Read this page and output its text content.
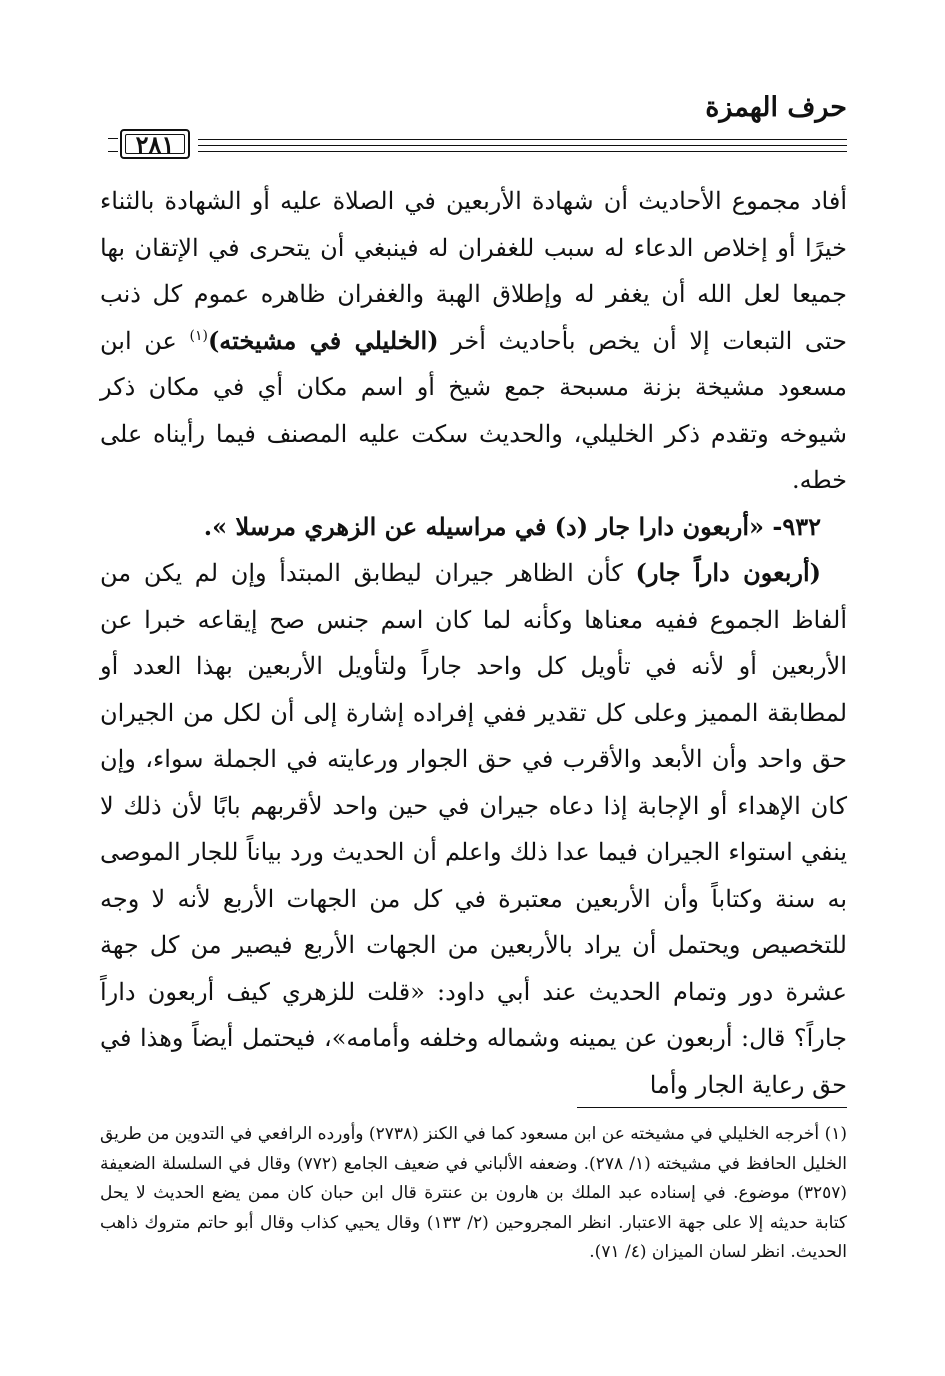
حرف الهمزة
٢٨١

أفاد مجموع الأحاديث أن شهادة الأربعين في الصلاة عليه أو الشهادة بالثناء خيرًا أو إخلاص الدعاء له سبب للغفران له فينبغي أن يتحرى في الإتقان بها جميعا لعل الله أن يغفر له وإطلاق الهبة والغفران ظاهره عموم كل ذنب حتى التبعات إلا أن يخص بأحاديث أخر (الخليلي في مشيخته)$^{(١)}$ عن ابن مسعود مشيخة بزنة مسبحة جمع شيخ أو اسم مكان أي في مكان ذكر شيوخه وتقدم ذكر الخليلي، والحديث سكت عليه المصنف فيما رأيناه على خطه.

٩٣٢- «أربعون دارا جار (د) في مراسيله عن الزهري مرسلا ».

(أربعون داراً جار) كأن الظاهر جيران ليطابق المبتدأ وإن لم يكن من ألفاظ الجموع ففيه معناها وكأنه لما كان اسم جنس صح إيقاعه خبرا عن الأربعين أو لأنه في تأويل كل واحد جاراً ولتأويل الأربعين بهذا العدد أو لمطابقة المميز وعلى كل تقدير ففي إفراده إشارة إلى أن لكل من الجيران حق واحد وأن الأبعد والأقرب في حق الجوار ورعايته في الجملة سواء، وإن كان الإهداء أو الإجابة إذا دعاه جيران في حين واحد لأقربهم بابًا لأن ذلك لا ينفي استواء الجيران فيما عدا ذلك واعلم أن الحديث ورد بياناً للجار الموصى به سنة وكتاباً وأن الأربعين معتبرة في كل من الجهات الأربع لأنه لا وجه للتخصيص ويحتمل أن يراد بالأربعين من الجهات الأربع فيصير من كل جهة عشرة دور وتمام الحديث عند أبي داود: «قلت للزهري كيف أربعون داراً جاراً؟ قال: أربعون عن يمينه وشماله وخلفه وأمامه»، فيحتمل أيضاً وهذا في حق رعاية الجار وأما

(١) أخرجه الخليلي في مشيخته عن ابن مسعود كما في الكنز (٢٧٣٨) وأورده الرافعي في التدوين من طريق الخليل الحافظ في مشيخته (١/ ٢٧٨). وضعفه الألباني في ضعيف الجامع (٧٧٢) وقال في السلسلة الضعيفة (٣٢٥٧) موضوع. في إسناده عبد الملك بن هارون بن عنترة قال ابن حبان كان ممن يضع الحديث لا يحل كتابة حديثه إلا على جهة الاعتبار. انظر المجروحين (٢/ ١٣٣) وقال يحيي كذاب وقال أبو حاتم متروك ذاهب الحديث. انظر لسان الميزان (٤/ ٧١).
